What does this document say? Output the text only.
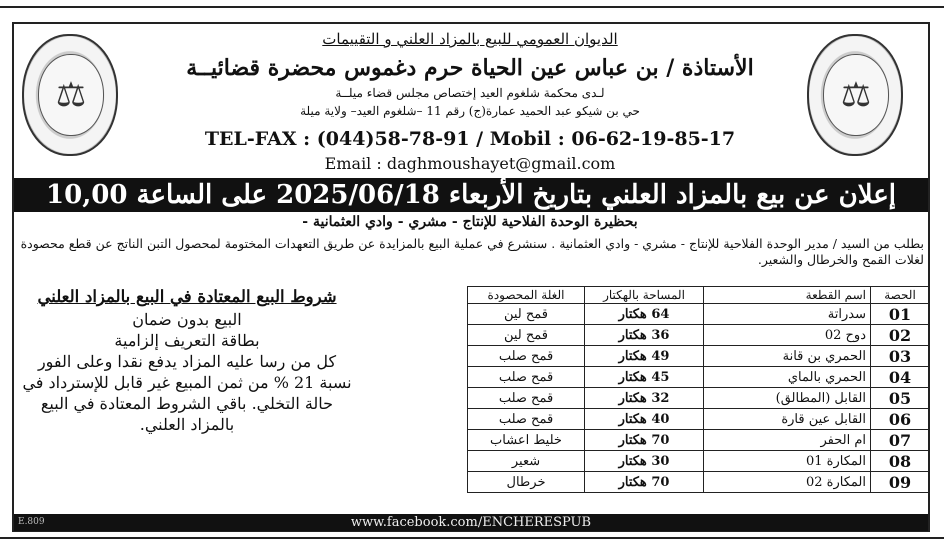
⚖
⚖
الديوان العمومي للبيع بالمزاد العلني و التقييمات
الأستاذة / بن عباس عين الحياة حرم دغموس محضرة قضائيــة
لـدى محكمة شلغوم العيد إختصاص مجلس قضاء ميلــة
حي بن شيكو عبد الحميد عمارة(ج) رقم 11 –شلغوم العيد– ولاية ميلة
TEL-FAX : (044)58-78-91 / Mobil : 06-62-19-85-17
Email : daghmoushayet@gmail.com
إعلان عن بيع بالمزاد العلني بتاريخ الأربعاء 2025/06/18 على الساعة 10,00
بحظيرة الوحدة الفلاحية للإنتاج - مشري - وادي العثمانية -
بطلب من السيد / مدير الوحدة الفلاحية للإنتاج - مشري - وادي العثمانية . سنشرع في عملية البيع بالمزايدة عن طريق التعهدات المختومة لمحصول التبن الناتج عن قطع محصودة لغلات القمح والخرطال والشعير.
الحصة	اسم القطعة	المساحة بالهكتار	الغلة المحصودة
01	سدراتة	64 هكتار	قمح لين
02	دوح 02	36 هكتار	قمح لين
03	الحمري بن قانة	49 هكتار	قمح صلب
04	الحمري بالماي	45 هكتار	قمح صلب
05	القابل (المطالق)	32 هكتار	قمح صلب
06	القابل عين قارة	40 هكتار	قمح صلب
07	ام الحفر	70 هكتار	خليط اعشاب
08	المكارة 01	30 هكتار	شعير
09	المكارة 02	70 هكتار	خرطال
شروط البيع المعتادة في البيع بالمزاد العلني
البيع بدون ضمان
بطاقة التعريف إلزامية
كل من رسا عليه المزاد يدفع نقدا وعلى الفور نسبة 21 % من ثمن المبيع غير قابل للإسترداد في حالة التخلي. باقي الشروط المعتادة في البيع بالمزاد العلني.
E.809	www.facebook.com/ENCHERESPUB
